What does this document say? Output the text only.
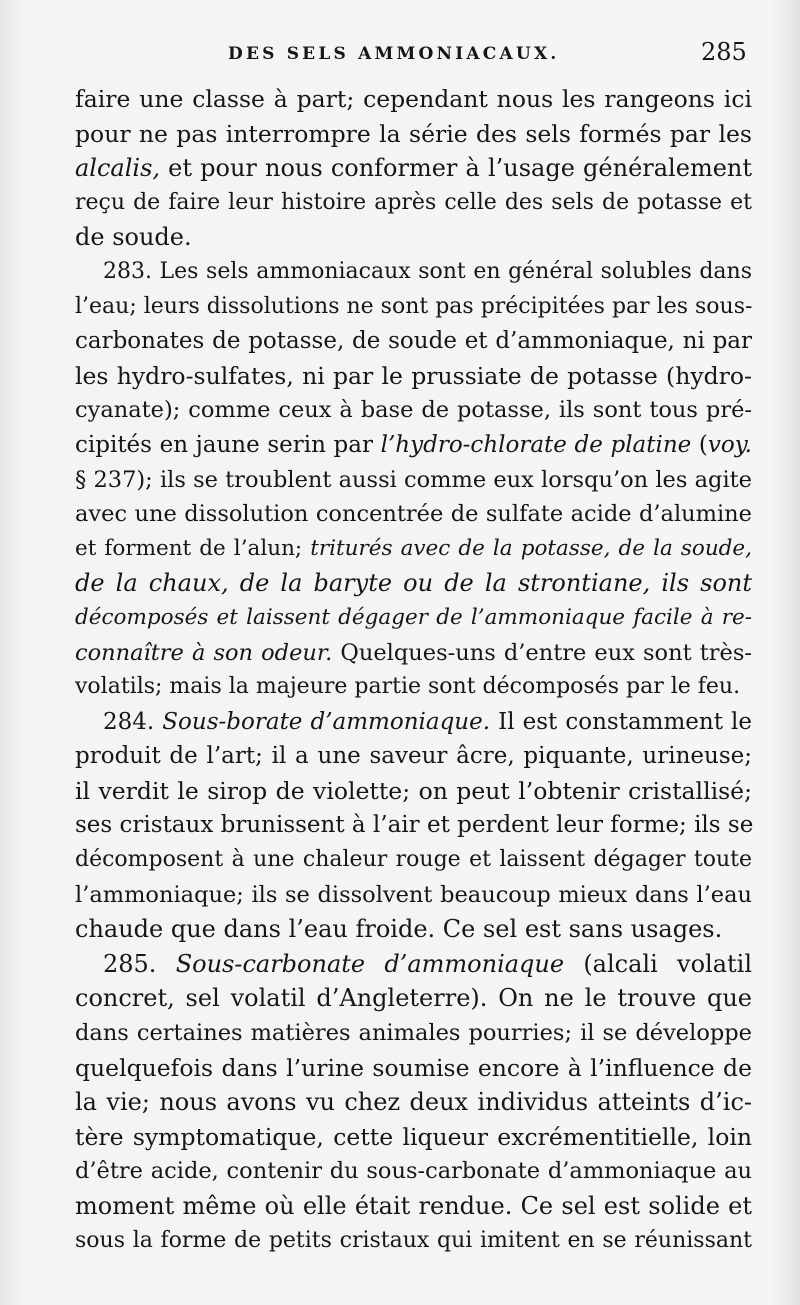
DES SELS AMMONIACAUX.	285
faire une classe à part; cependant nous les rangeons ici
pour ne pas interrompre la série des sels formés par les
alcalis, et pour nous conformer à l’usage généralement
reçu de faire leur histoire après celle des sels de potasse et
de soude.
283. Les sels ammoniacaux sont en général solubles dans
l’eau; leurs dissolutions ne sont pas précipitées par les sous-
carbonates de potasse, de soude et d’ammoniaque, ni par
les hydro-sulfates, ni par le prussiate de potasse (hydro-
cyanate); comme ceux à base de potasse, ils sont tous pré-
cipités en jaune serin par l’hydro-chlorate de platine (voy.
§ 237); ils se troublent aussi comme eux lorsqu’on les agite
avec une dissolution concentrée de sulfate acide d’alumine
et forment de l’alun; triturés avec de la potasse, de la soude,
de la chaux, de la baryte ou de la strontiane, ils sont
décomposés et laissent dégager de l’ammoniaque facile à re-
connaître à son odeur. Quelques-uns d’entre eux sont très-
volatils; mais la majeure partie sont décomposés par le feu.
284. Sous-borate d’ammoniaque. Il est constamment le
produit de l’art; il a une saveur âcre, piquante, urineuse;
il verdit le sirop de violette; on peut l’obtenir cristallisé;
ses cristaux brunissent à l’air et perdent leur forme; ils se
décomposent à une chaleur rouge et laissent dégager toute
l’ammoniaque; ils se dissolvent beaucoup mieux dans l’eau
chaude que dans l’eau froide. Ce sel est sans usages.
285. Sous-carbonate d’ammoniaque (alcali volatil
concret, sel volatil d’Angleterre). On ne le trouve que
dans certaines matières animales pourries; il se développe
quelquefois dans l’urine soumise encore à l’influence de
la vie; nous avons vu chez deux individus atteints d’ic-
tère symptomatique, cette liqueur excrémentitielle, loin
d’être acide, contenir du sous-carbonate d’ammoniaque au
moment même où elle était rendue. Ce sel est solide et
sous la forme de petits cristaux qui imitent en se réunissant
